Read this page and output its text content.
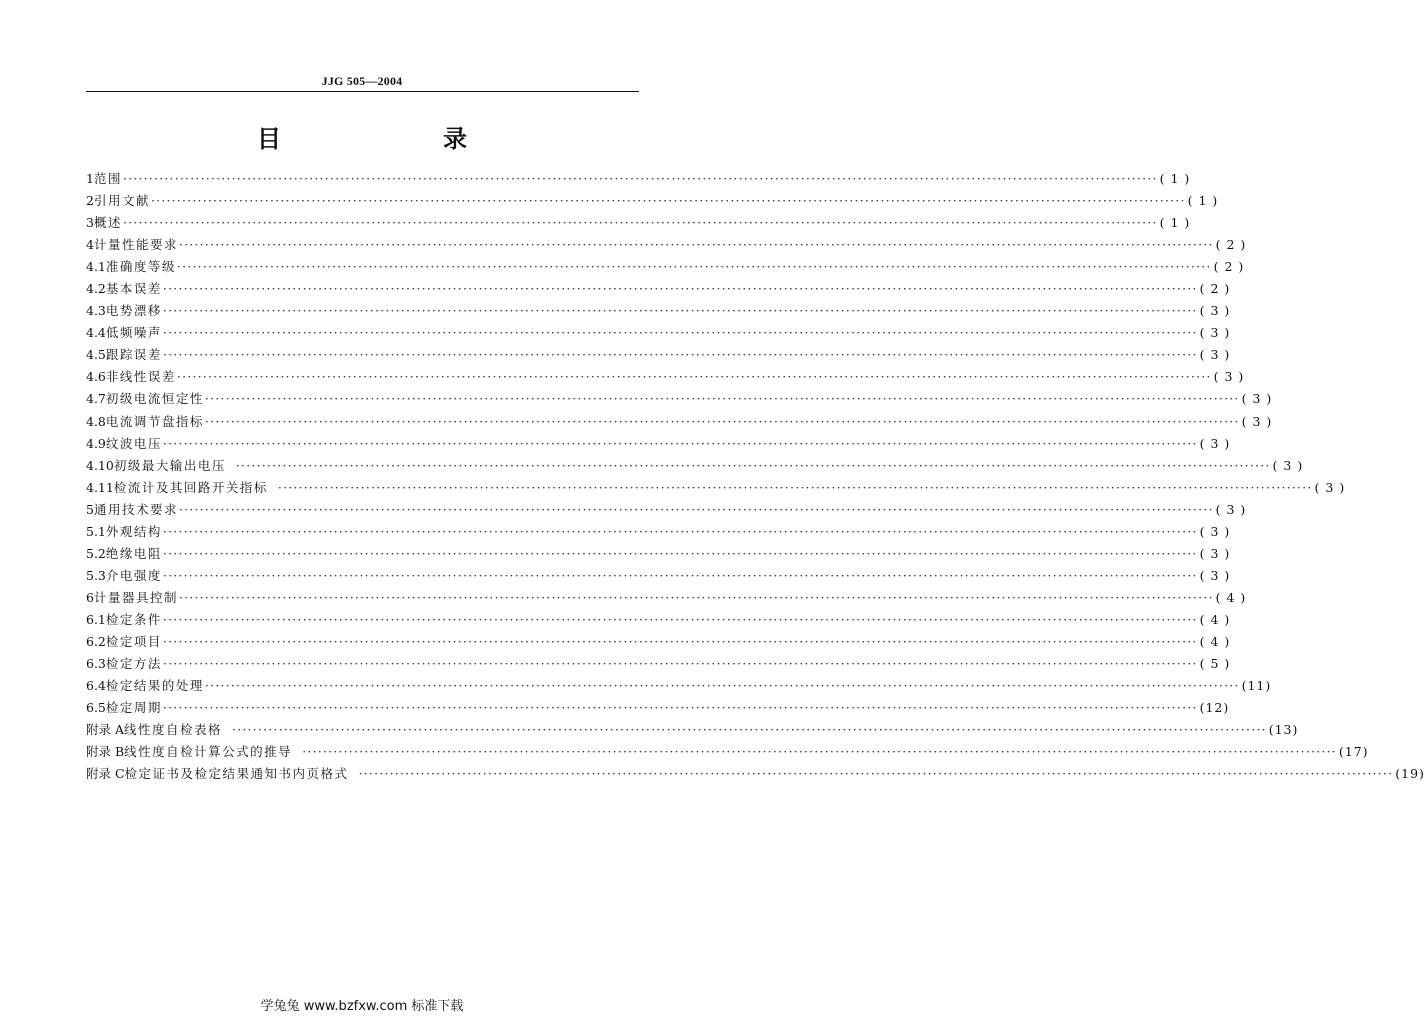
JJG 505—2004
目　　录
1 范围 ········································································································································································································ ( 1 )
2 引用文献 ········································································································································································································ ( 1 )
3 概述 ········································································································································································································ ( 1 )
4 计量性能要求 ········································································································································································································ ( 2 )
4.1 准确度等级 ········································································································································································································ ( 2 )
4.2 基本误差 ········································································································································································································ ( 2 )
4.3 电势漂移 ········································································································································································································ ( 3 )
4.4 低频噪声 ········································································································································································································ ( 3 )
4.5 跟踪误差 ········································································································································································································ ( 3 )
4.6 非线性误差 ········································································································································································································ ( 3 )
4.7 初级电流恒定性 ········································································································································································································ ( 3 )
4.8 电流调节盘指标 ········································································································································································································ ( 3 )
4.9 纹波电压 ········································································································································································································ ( 3 )
4.10 初级最大输出电压 ········································································································································································································ ( 3 )
4.11 检流计及其回路开关指标 ········································································································································································································ ( 3 )
5 通用技术要求 ········································································································································································································ ( 3 )
5.1 外观结构 ········································································································································································································ ( 3 )
5.2 绝缘电阻 ········································································································································································································ ( 3 )
5.3 介电强度 ········································································································································································································ ( 3 )
6 计量器具控制 ········································································································································································································ ( 4 )
6.1 检定条件 ········································································································································································································ ( 4 )
6.2 检定项目 ········································································································································································································ ( 4 )
6.3 检定方法 ········································································································································································································ ( 5 )
6.4 检定结果的处理 ········································································································································································································ (11)
6.5 检定周期 ········································································································································································································ (12)
附录 A 线性度自检表格 ········································································································································································································ (13)
附录 B 线性度自检计算公式的推导 ········································································································································································································ (17)
附录 C 检定证书及检定结果通知书内页格式 ········································································································································································································ (19)
学兔兔 www.bzfxw.com 标准下载
